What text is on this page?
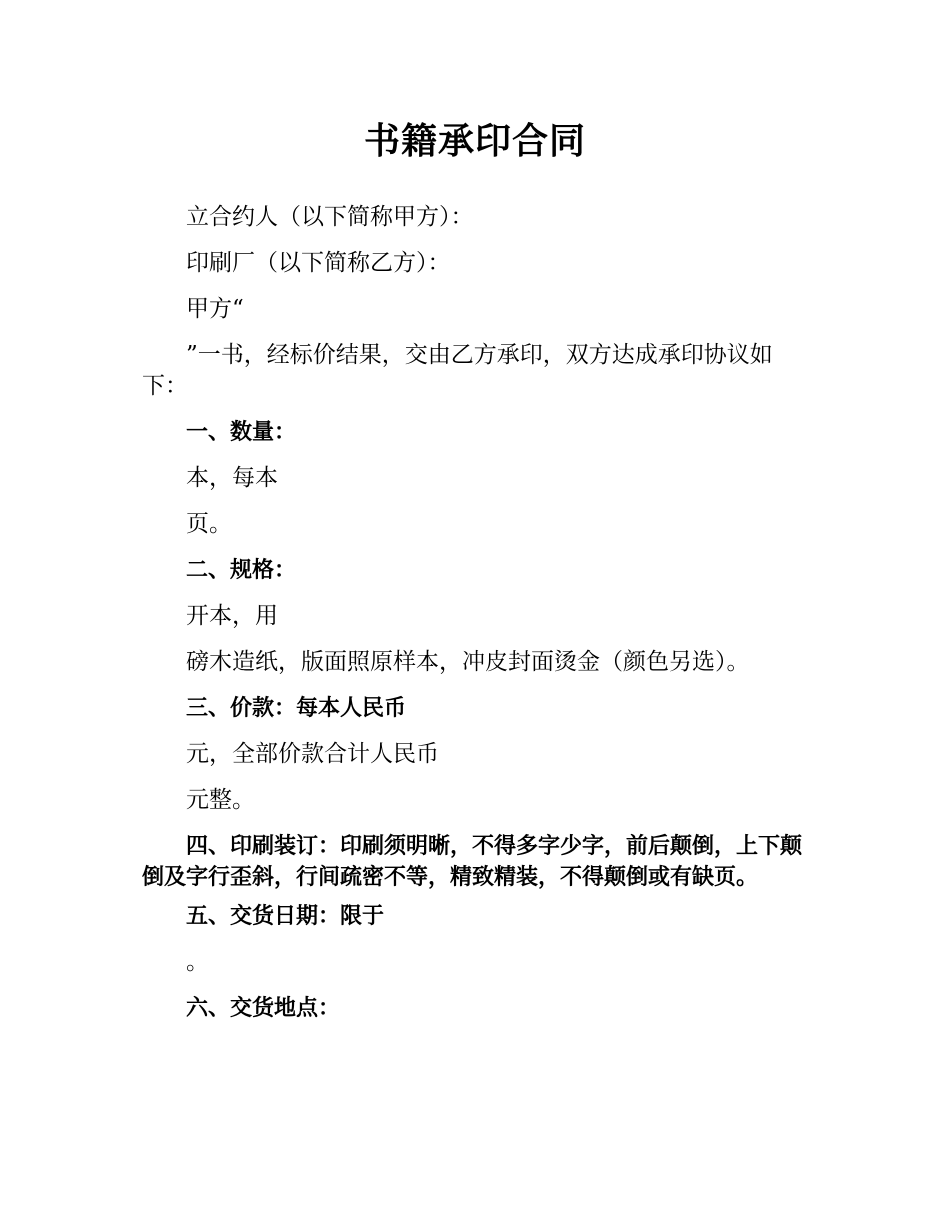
书籍承印合同

立合约人（以下简称甲方）：

印刷厂（以下简称乙方）：

甲方“

”一书，经标价结果，交由乙方承印，双方达成承印协议如下：

一、数量：

本，每本

页。

二、规格：

开本，用

磅木造纸，版面照原样本，冲皮封面烫金（颜色另选）。

三、价款：每本人民币

元，全部价款合计人民币

元整。

四、印刷装订：印刷须明晰，不得多字少字，前后颠倒，上下颠倒及字行歪斜，行间疏密不等，精致精装，不得颠倒或有缺页。

五、交货日期：限于

。

六、交货地点：
